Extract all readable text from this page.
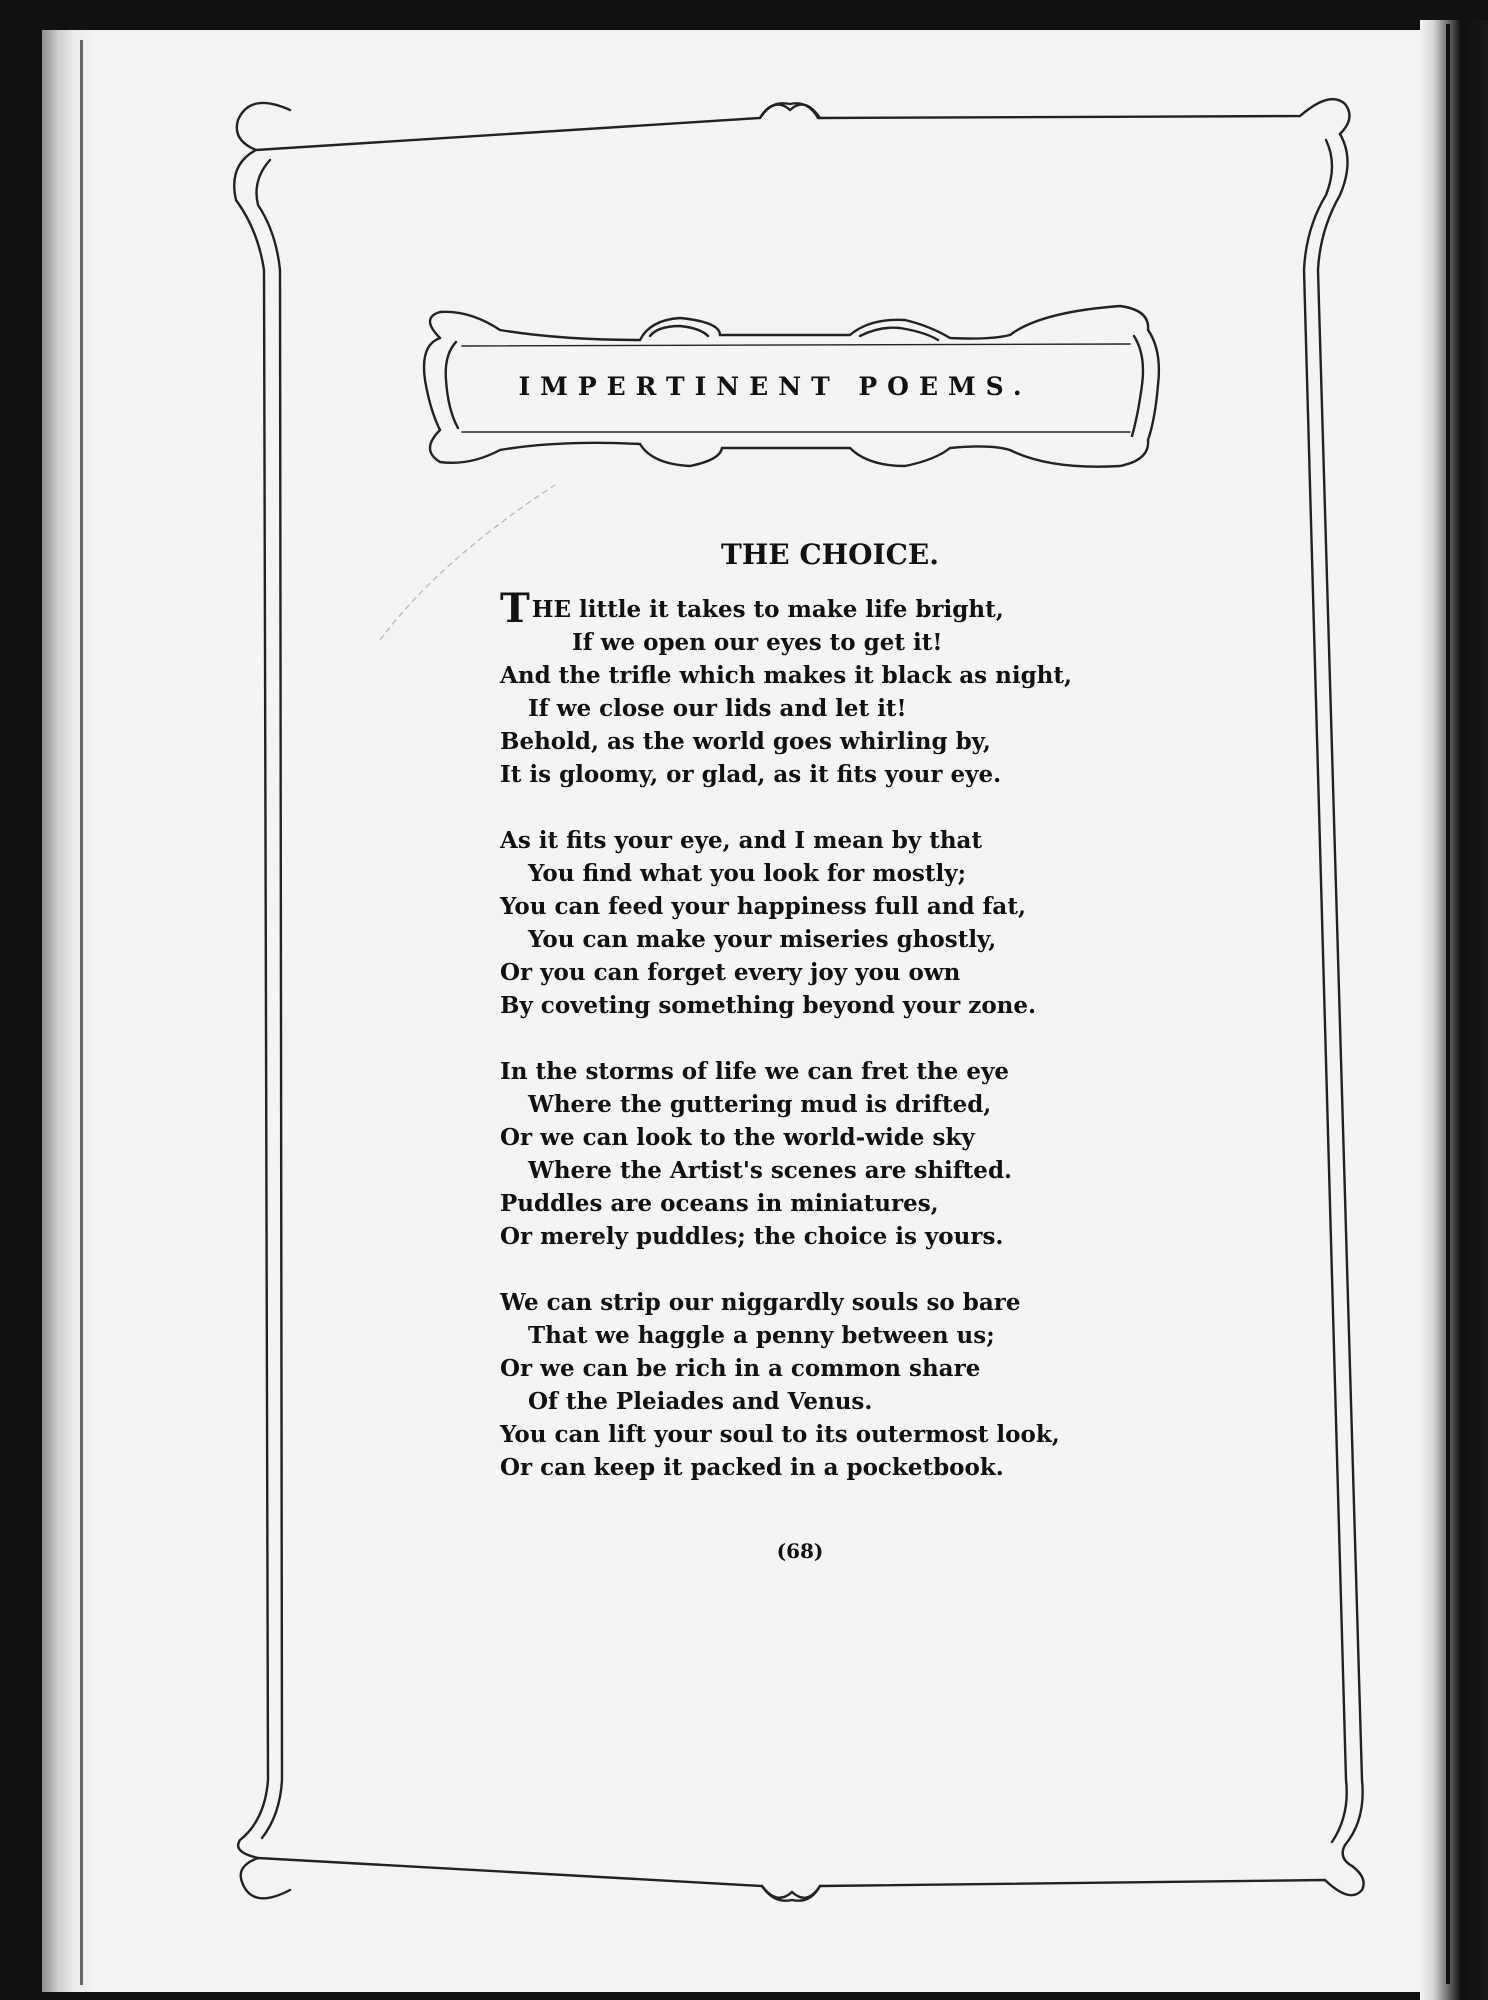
IMPERTINENT POEMS.
THE CHOICE.
THE little it takes to make life bright,
If we open our eyes to get it!
And the trifle which makes it black as night,
If we close our lids and let it!
Behold, as the world goes whirling by,
It is gloomy, or glad, as it fits your eye.
As it fits your eye, and I mean by that
You find what you look for mostly;
You can feed your happiness full and fat,
You can make your miseries ghostly,
Or you can forget every joy you own
By coveting something beyond your zone.
In the storms of life we can fret the eye
Where the guttering mud is drifted,
Or we can look to the world-wide sky
Where the Artist's scenes are shifted.
Puddles are oceans in miniatures,
Or merely puddles; the choice is yours.
We can strip our niggardly souls so bare
That we haggle a penny between us;
Or we can be rich in a common share
Of the Pleiades and Venus.
You can lift your soul to its outermost look,
Or can keep it packed in a pocketbook.
(68)
